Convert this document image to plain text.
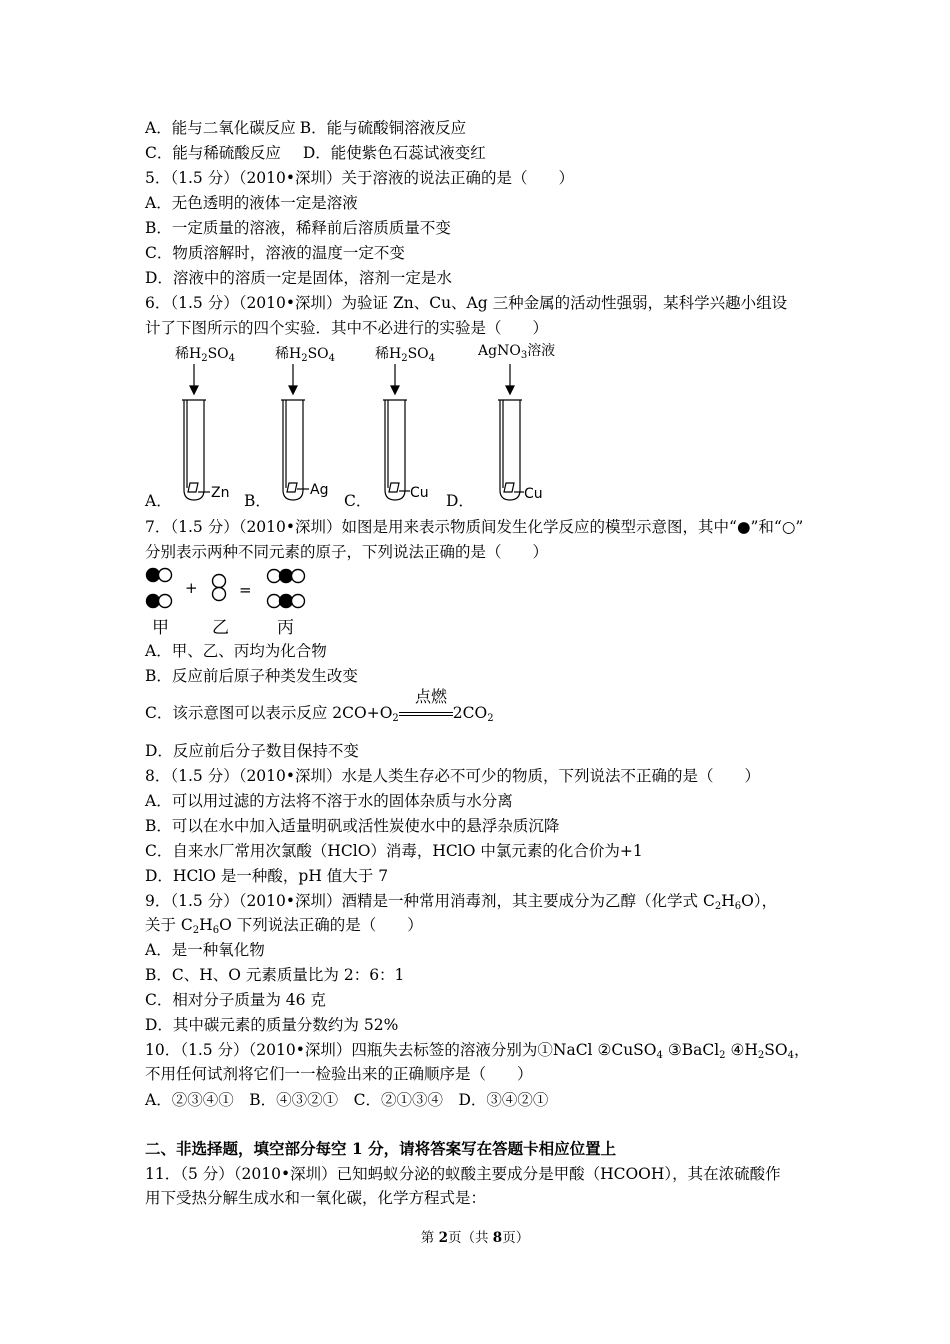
A．能与二氧化碳反应 B．能与硫酸铜溶液反应
C．能与稀硫酸反应 D．能使紫色石蕊试液变红
5．（1.5 分）（2010•深圳）关于溶液的说法正确的是（　　）
A．无色透明的液体一定是溶液
B．一定质量的溶液，稀释前后溶质质量不变
C．物质溶解时，溶液的温度一定不变
D．溶液中的溶质一定是固体，溶剂一定是水
6．（1.5 分）（2010•深圳）为验证 Zn、Cu、Ag 三种金属的活动性强弱，某科学兴趣小组设
计了下图所示的四个实验．其中不必进行的实验是（　　）
稀$H_2SO_4$	稀$H_2SO_4$	稀$H_2SO_4$	AgNO$_3$溶液
Zn	Ag	Cu	Cu
A．	B．	C．	D．
7．（1.5 分）（2010•深圳）如图是用来表示物质间发生化学反应的模型示意图，其中“●”和“○”
分别表示两种不同元素的原子，下列说法正确的是（　　）
+	=
甲	乙	丙
A．甲、乙、丙均为化合物
B．反应前后原子种类发生改变
C．该示意图可以表示反应 $2CO+O_2$	$2CO_2$
点燃
D．反应前后分子数目保持不变
8．（1.5 分）（2010•深圳）水是人类生存必不可少的物质，下列说法不正确的是（　　）
A．可以用过滤的方法将不溶于水的固体杂质与水分离
B．可以在水中加入适量明矾或活性炭使水中的悬浮杂质沉降
C．自来水厂常用次氯酸（HClO）消毒，HClO 中氯元素的化合价为+1
D．HClO 是一种酸，pH 值大于 7
9．（1.5 分）（2010•深圳）酒精是一种常用消毒剂，其主要成分为乙醇（化学式 $C_2H_6O$），
关于 $C_2H_6O$ 下列说法正确的是（　　）
A．是一种氧化物
B．C、H、O 元素质量比为 2：6：1
C．相对分子质量为 46 克
D．其中碳元素的质量分数约为 52%
10．（1.5 分）（2010•深圳）四瓶失去标签的溶液分别为①NaCl ②CuSO$_4$ ③BaCl$_2$ $④H_2SO_4$，
不用任何试剂将它们一一检验出来的正确顺序是（　　）
A．②③④①　B．④③②①　C．②①③④　D．③④②①
二、非选择题，填空部分每空 1 分，请将答案写在答题卡相应位置上
11．（5 分）（2010•深圳）已知蚂蚁分泌的蚁酸主要成分是甲酸（HCOOH），其在浓硫酸作
用下受热分解生成水和一氧化碳，化学方程式是：
第 2页（共 8页）
